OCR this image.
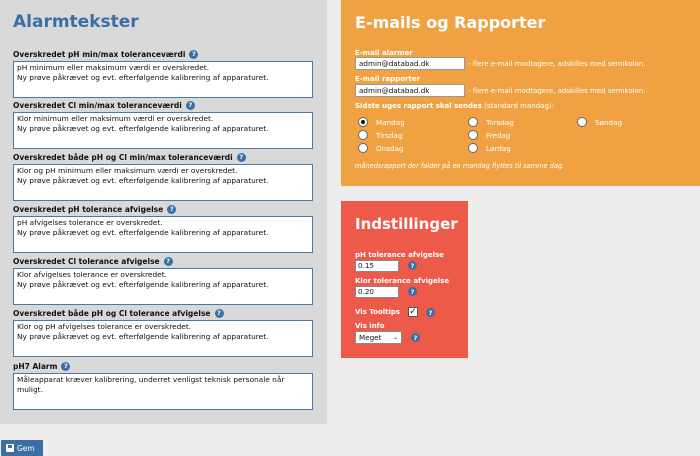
Alarmtekster
Overskredet pH min/max toleranceværdi	?
pH minimum eller maksimum værdi er overskredet.
Ny prøve påkrævet og evt. efterfølgende kalibrering af apparaturet.
Overskredet Cl min/max toleranceværdi	?
Klor minimum eller maksimum værdi er overskredet.
Ny prøve påkrævet og evt. efterfølgende kalibrering af apparaturet.
Overskredet både pH og Cl min/max toleranceværdi	?
Klor og pH minimum eller maksimum værdi er overskredet.
Ny prøve påkrævet og evt. efterfølgende kalibrering af apparaturet.
Overskredet pH tolerance afvigelse	?
pH afvigelses tolerance er overskredet.
Ny prøve påkrævet og evt. efterfølgende kalibrering af apparaturet.
Overskredet Cl tolerance afvigelse	?
Klor afvigelses tolerance er overskredet.
Ny prøve påkrævet og evt. efterfølgende kalibrering af apparaturet.
Overskredet både pH og Cl tolerance afvigelse	?
Klor og pH afvigelses tolerance er overskredet.
Ny prøve påkrævet og evt. efterfølgende kalibrering af apparaturet.
pH7 Alarm	?
Måleapparat kræver kalibrering, underret venligst teknisk personale når muligt.
Gem
E-mails og Rapporter
E-mail alarmer
admin@databad.dk	- flere e-mail modtagere, adskilles med semikolon.
E-mail rapporter
admin@databad.dk	- flere e-mail modtagere, adskilles med semikolon.
Sidste uges rapport skal sendes (standard mandag):
Mandag
Tirsdag
Onsdag
Torsdag
Fredag
Lørdag
Søndag
månedsrapport der falder på en mandag flyttes til samme dag.
Indstillinger
pH tolerance afvigelse
0.15	?
Klor tolerance afvigelse
0.20	?
Vis Tooltips ✓	?
Vis info
Meget ⌄	?
